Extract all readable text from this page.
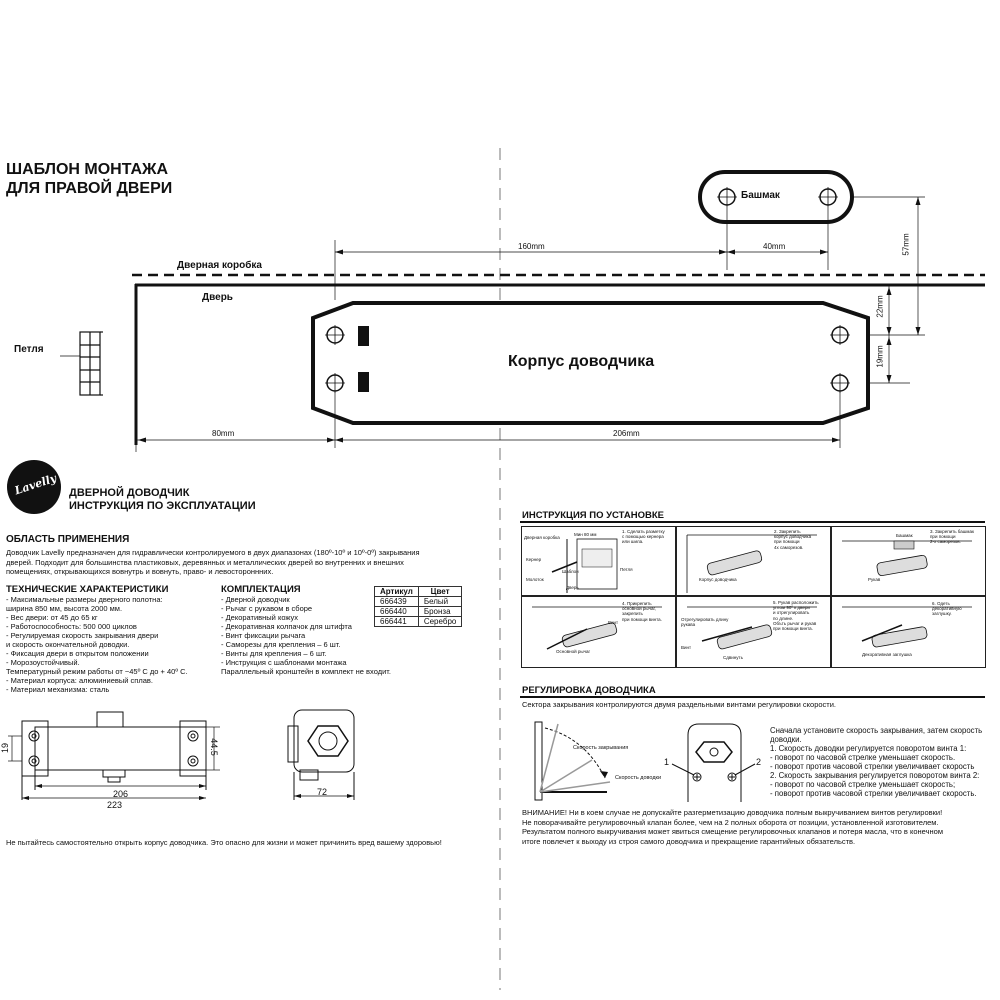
ШАБЛОН МОНТАЖА
ДЛЯ ПРАВОЙ ДВЕРИ	Башмак
Дверная коробка
Дверь
Петля
Корпус доводчика
160mm	40mm	57mm
22mm
19mm
80mm	206mm
Lavelly ДВЕРНОЙ ДОВОДЧИК
ИНСТРУКЦИЯ ПО ЭКСПЛУАТАЦИИ
ОБЛАСТЬ ПРИМЕНЕНИЯ
Доводчик Lavelly предназначен для гидравлически контролируемого в двух диапазонах (180º-10º и 10º-0º) закрывания
дверей. Подходит для большинства пластиковых, деревянных и металлических дверей во внутренних и внешних
помещениях, открывающихся вовнутрь и вовнуть, право- и левостороннних.
ТЕХНИЧЕСКИЕ ХАРАКТЕРИСТИКИ
- Максимальные размеры дверного полотна:
ширина 850 мм, высота 2000 мм.
- Вес двери: от 45 до 65 кг
- Работоспособность: 500 000 циклов
- Регулируемая скорость закрывания двери
и скорость окончательной доводки.
- Фиксация двери в открытом положении
- Морозоустойчивый.
Температурный режим работы от −45º С до + 40º С.
- Материал корпуса: алюминиевый сплав.
- Материал механизма: сталь
КОМПЛЕКТАЦИЯ
- Дверной доводчик
- Рычаг с рукавом в сборе
- Декоративный кожух
- Декоративная колпачок для штифта
- Винт фиксации рычага
- Саморезы для крепления – 6 шт.
- Винты для крепления – 6 шт.
- Инструкция с шаблонами монтажа
Параллельный кронштейн в комплект не входит.
Артикул	Цвет
666439	Белый
666440	Бронза
666441	Серебро
19	44.5
206
223
72
Не пытайтесь самостоятельно открыть корпус доводчика. Это опасно для жизни и может причинить вред вашему здоровью!
ИНСТРУКЦИЯ ПО УСТАНОВКЕ
1. Сделать разметку
с помощью кернера
или шила.
Дверная коробка
Мин 80 мм
Кернер
Шаблон	Петля
Молоток
Дверь
2. Закрепить
корпус доводчика
при помощи
4х саморезов.
Корпус доводчика
3. Закрепить башмак
при помощи
2-х саморезов.
Башмак
Рукав
4. Прикрепить
основной рычаг,
закрепить
при помощи винта.
Винт
Основной рычаг
5. Рукав расположить
углом 90º к двери
и отрегулировать
по длине.
Объть рычаг и рукав
при помощи винта.
Отрегулировать длину рукава
Винт
Сдвинуть
6. Одеть
декоративную
заглушку.
Декоративная заглушка
РЕГУЛИРОВКА ДОВОДЧИКА
Сектора закрывания контролируются двумя раздельными винтами регулировки скорости.
Скорость закрывания
Скорость доводки
1	2
Сначала установите скорость закрывания, затем скорость
доводки.
1. Скорость доводки регулируется поворотом винта 1:
- поворот по часовой стрелке уменьшает скорость.
- поворот против часовой стрелки увеличивает скорость
2. Скорость закрывания регулируется поворотом винта 2:
- поворот по часовой стрелке уменьшает скорость;
- поворот против часовой стрелки увеличивает скорость.
ВНИМАНИЕ! Ни в коем случае не допускайте разгерметизацию доводчика полным выкручиванием винтов регулировки!
Не поворачивайте регулировочный клапан более, чем на 2 полных оборота от позиции, установленной изготовителем.
Результатом полного выкручивания может явиться смещение регулировочных клапанов и потеря масла, что в конечном
итоге повлечет к выходу из строя самого доводчика и прекращение гарантийных обязательств.
